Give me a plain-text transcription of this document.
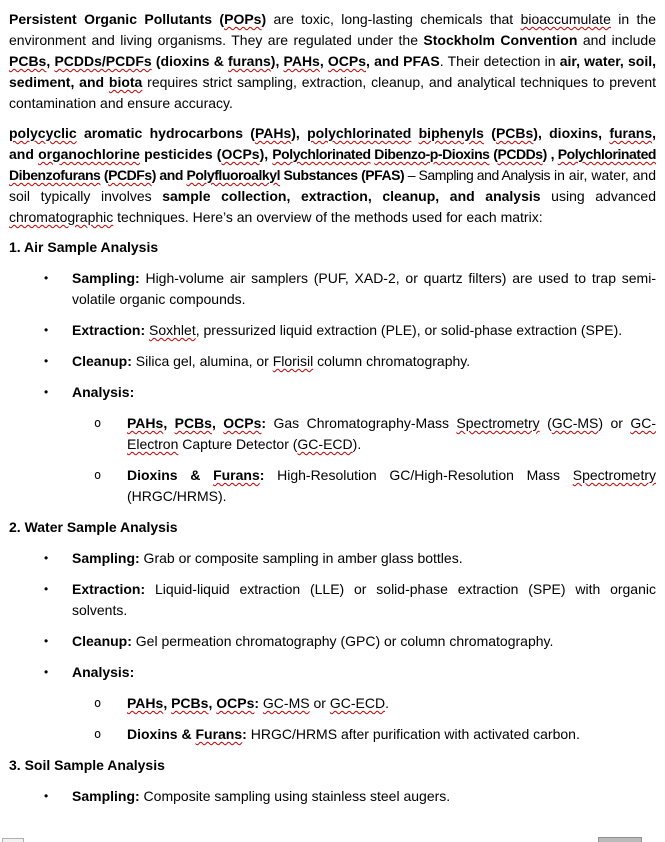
Persistent Organic Pollutants (POPs) are toxic, long-lasting chemicals that bioaccumulate in the environment and living organisms. They are regulated under the Stockholm Convention and include PCBs, PCDDs/PCDFs (dioxins & furans), PAHs, OCPs, and PFAS. Their detection in air, water, soil, sediment, and biota requires strict sampling, extraction, cleanup, and analytical techniques to prevent contamination and ensure accuracy.

polycyclic aromatic hydrocarbons (PAHs), polychlorinated biphenyls (PCBs), dioxins, furans, and organochlorine pesticides (OCPs), Polychlorinated Dibenzo-p-Dioxins (PCDDs) , Polychlorinated Dibenzofurans (PCDFs) and Polyfluoroalkyl Substances (PFAS) – Sampling and Analysis in air, water, and soil typically involves sample collection, extraction, cleanup, and analysis using advanced chromatographic techniques. Here’s an overview of the methods used for each matrix:

1. Air Sample Analysis
•	Sampling: High-volume air samplers (PUF, XAD-2, or quartz filters) are used to trap semi-volatile organic compounds.
•	Extraction: Soxhlet, pressurized liquid extraction (PLE), or solid-phase extraction (SPE).
•	Cleanup: Silica gel, alumina, or Florisil column chromatography.
•	Analysis:
o	PAHs, PCBs, OCPs: Gas Chromatography-Mass Spectrometry (GC-MS) or GC-Electron Capture Detector (GC-ECD).
o	Dioxins & Furans: High-Resolution GC/High-Resolution Mass Spectrometry (HRGC/HRMS).
2. Water Sample Analysis
•	Sampling: Grab or composite sampling in amber glass bottles.
•	Extraction: Liquid-liquid extraction (LLE) or solid-phase extraction (SPE) with organic solvents.
•	Cleanup: Gel permeation chromatography (GPC) or column chromatography.
•	Analysis:
o	PAHs, PCBs, OCPs: GC-MS or GC-ECD.
o	Dioxins & Furans: HRGC/HRMS after purification with activated carbon.
3. Soil Sample Analysis
•	Sampling: Composite sampling using stainless steel augers.
